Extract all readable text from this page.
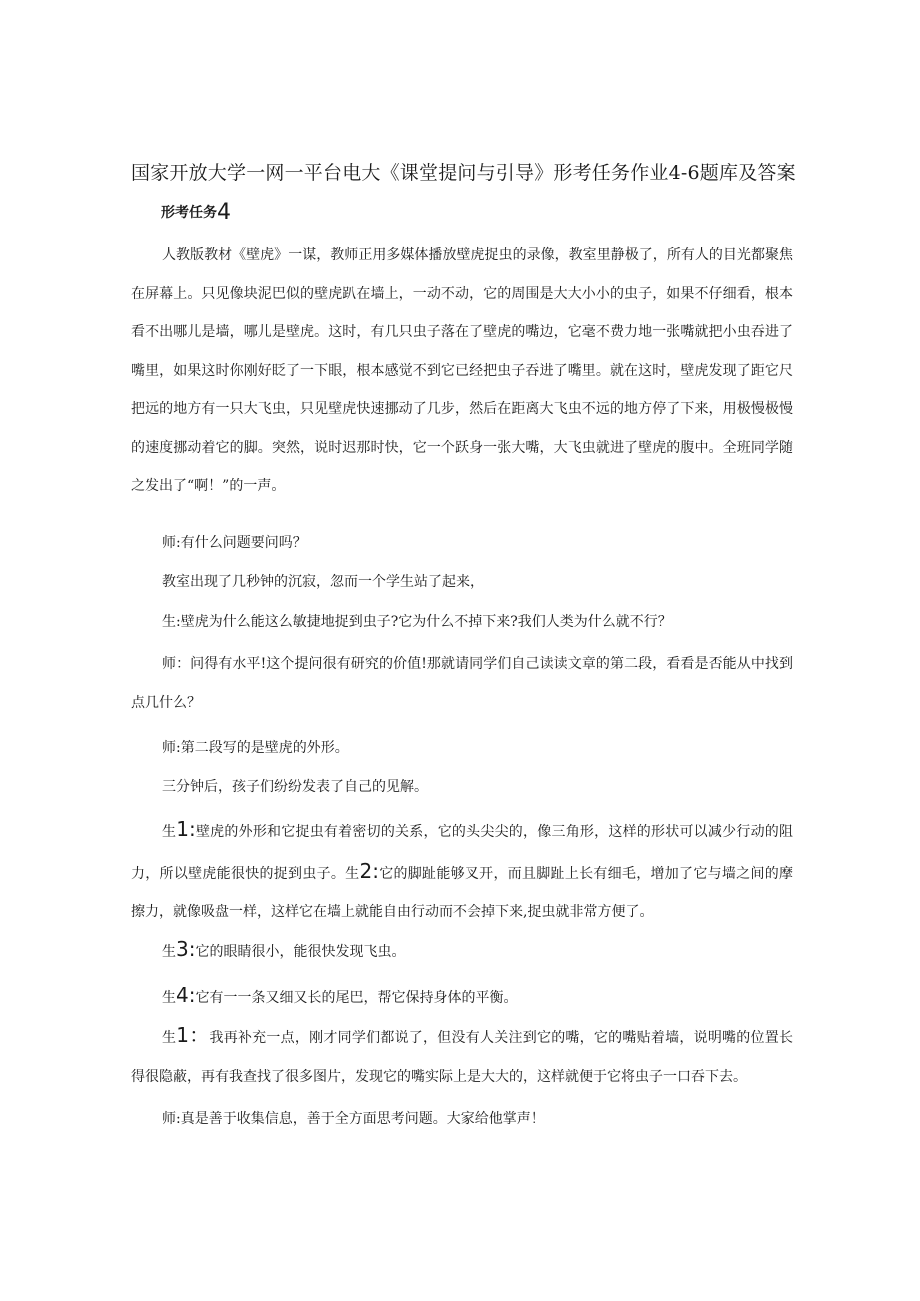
国家开放大学一网一平台电大《课堂提问与引导》形考任务作业4-6题库及答案
形考任务4

人教版教材《壁虎》一谋，教师正用多媒体播放壁虎捉虫的录像，教室里静极了，所有人的目光都聚焦在屏幕上。只见像块泥巴似的壁虎趴在墙上，一动不动，它的周围是大大小小的虫子，如果不仔细看，根本看不出哪儿是墙，哪儿是壁虎。这时，有几只虫子落在了壁虎的嘴边，它毫不费力地一张嘴就把小虫吞进了嘴里，如果这时你刚好眨了一下眼，根本感觉不到它已经把虫子吞进了嘴里。就在这时，壁虎发现了距它尺把远的地方有一只大飞虫，只见壁虎快速挪动了几步，然后在距离大飞虫不远的地方停了下来，用极慢极慢的速度挪动着它的脚。突然，说时迟那时快，它一个跃身一张大嘴，大飞虫就进了壁虎的腹中。全班同学随之发出了“啊！”的一声。

师:有什么问题要问吗？

教室出现了几秒钟的沉寂，忽而一个学生站了起来，

生:壁虎为什么能这么敏捷地捉到虫子?它为什么不掉下来?我们人类为什么就不行？

师：问得有水平!这个提问很有研究的价值!那就请同学们自己读读文章的第二段，看看是否能从中找到点几什么？

师:第二段写的是壁虎的外形。

三分钟后，孩子们纷纷发表了自己的见解。

生1:壁虎的外形和它捉虫有着密切的关系，它的头尖尖的，像三角形，这样的形状可以减少行动的阻力，所以壁虎能很快的捉到虫子。生2:它的脚趾能够叉开，而且脚趾上长有细毛，增加了它与墙之间的摩擦力，就像吸盘一样，这样它在墙上就能自由行动而不会掉下来,捉虫就非常方便了。

生3:它的眼睛很小，能很快发现飞虫。

生4:它有一一条又细又长的尾巴，帮它保持身体的平衡。

生1：我再补充一点，刚才同学们都说了，但没有人关注到它的嘴，它的嘴贴着墙，说明嘴的位置长得很隐蔽，再有我查找了很多图片，发现它的嘴实际上是大大的，这样就便于它将虫子一口吞下去。

师:真是善于收集信息，善于全方面思考问题。大家给他掌声！
